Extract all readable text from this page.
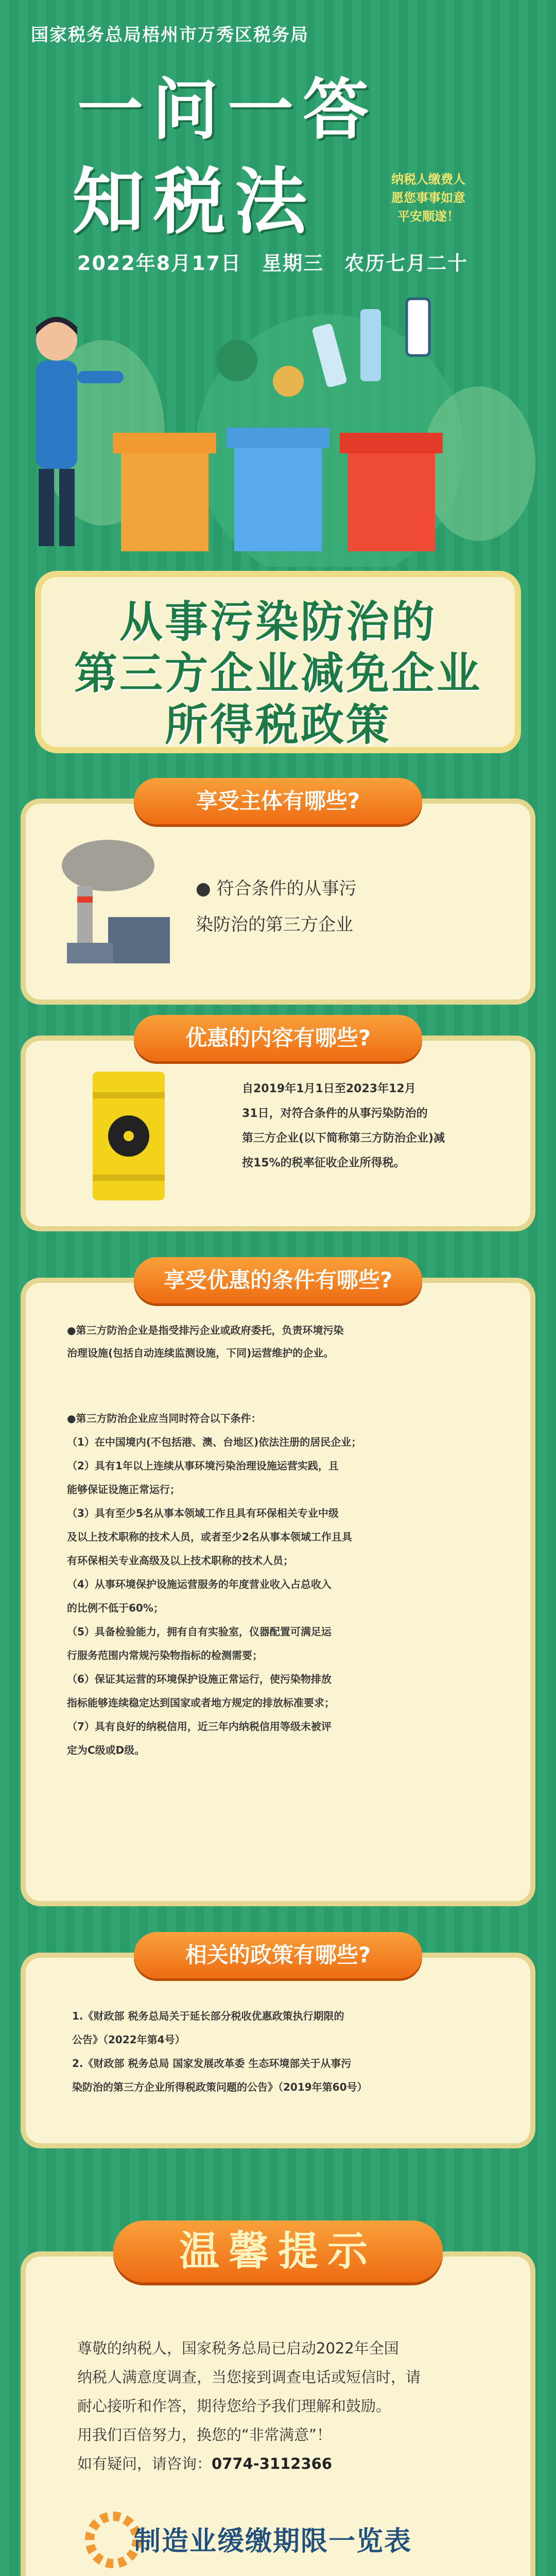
国家税务总局梧州市万秀区税务局
一问一答
知税法	纳税人缴费人
愿您事事如意
平安顺遂！
2022年8月17日　星期三　农历七月二十
从事污染防治的
第三方企业减免企业
所得税政策
● 符合条件的从事污
染防治的第三方企业
享受主体有哪些?
自2019年1月1日至2023年12月
31日，对符合条件的从事污染防治的
第三方企业(以下简称第三方防治企业)减
按15%的税率征收企业所得税。
优惠的内容有哪些?
●第三方防治企业是指受排污企业或政府委托，负责环境污染
治理设施(包括自动连续监测设施，下同)运营维护的企业。
●第三方防治企业应当同时符合以下条件：
（1）在中国境内(不包括港、澳、台地区)依法注册的居民企业；
（2）具有1年以上连续从事环境污染治理设施运营实践，且
能够保证设施正常运行；
（3）具有至少5名从事本领域工作且具有环保相关专业中级
及以上技术职称的技术人员，或者至少2名从事本领域工作且具
有环保相关专业高级及以上技术职称的技术人员；
（4）从事环境保护设施运营服务的年度营业收入占总收入
的比例不低于60%；
（5）具备检验能力，拥有自有实验室，仪器配置可满足运
行服务范围内常规污染物指标的检测需要；
（6）保证其运营的环境保护设施正常运行，使污染物排放
指标能够连续稳定达到国家或者地方规定的排放标准要求；
（7）具有良好的纳税信用，近三年内纳税信用等级未被评
定为C级或D级。
享受优惠的条件有哪些?
1.《财政部 税务总局关于延长部分税收优惠政策执行期限的
公告》（2022年第4号）
2.《财政部 税务总局 国家发展改革委 生态环境部关于从事污
染防治的第三方企业所得税政策问题的公告》（2019年第60号）
相关的政策有哪些?
尊敬的纳税人，国家税务总局已启动2022年全国
纳税人满意度调查，当您接到调查电话或短信时，请
耐心接听和作答，期待您给予我们理解和鼓励。
用我们百倍努力，换您的“非常满意”！
如有疑问，请咨询：0774-3112366
制造业缓缴期限一览表

温馨提示
